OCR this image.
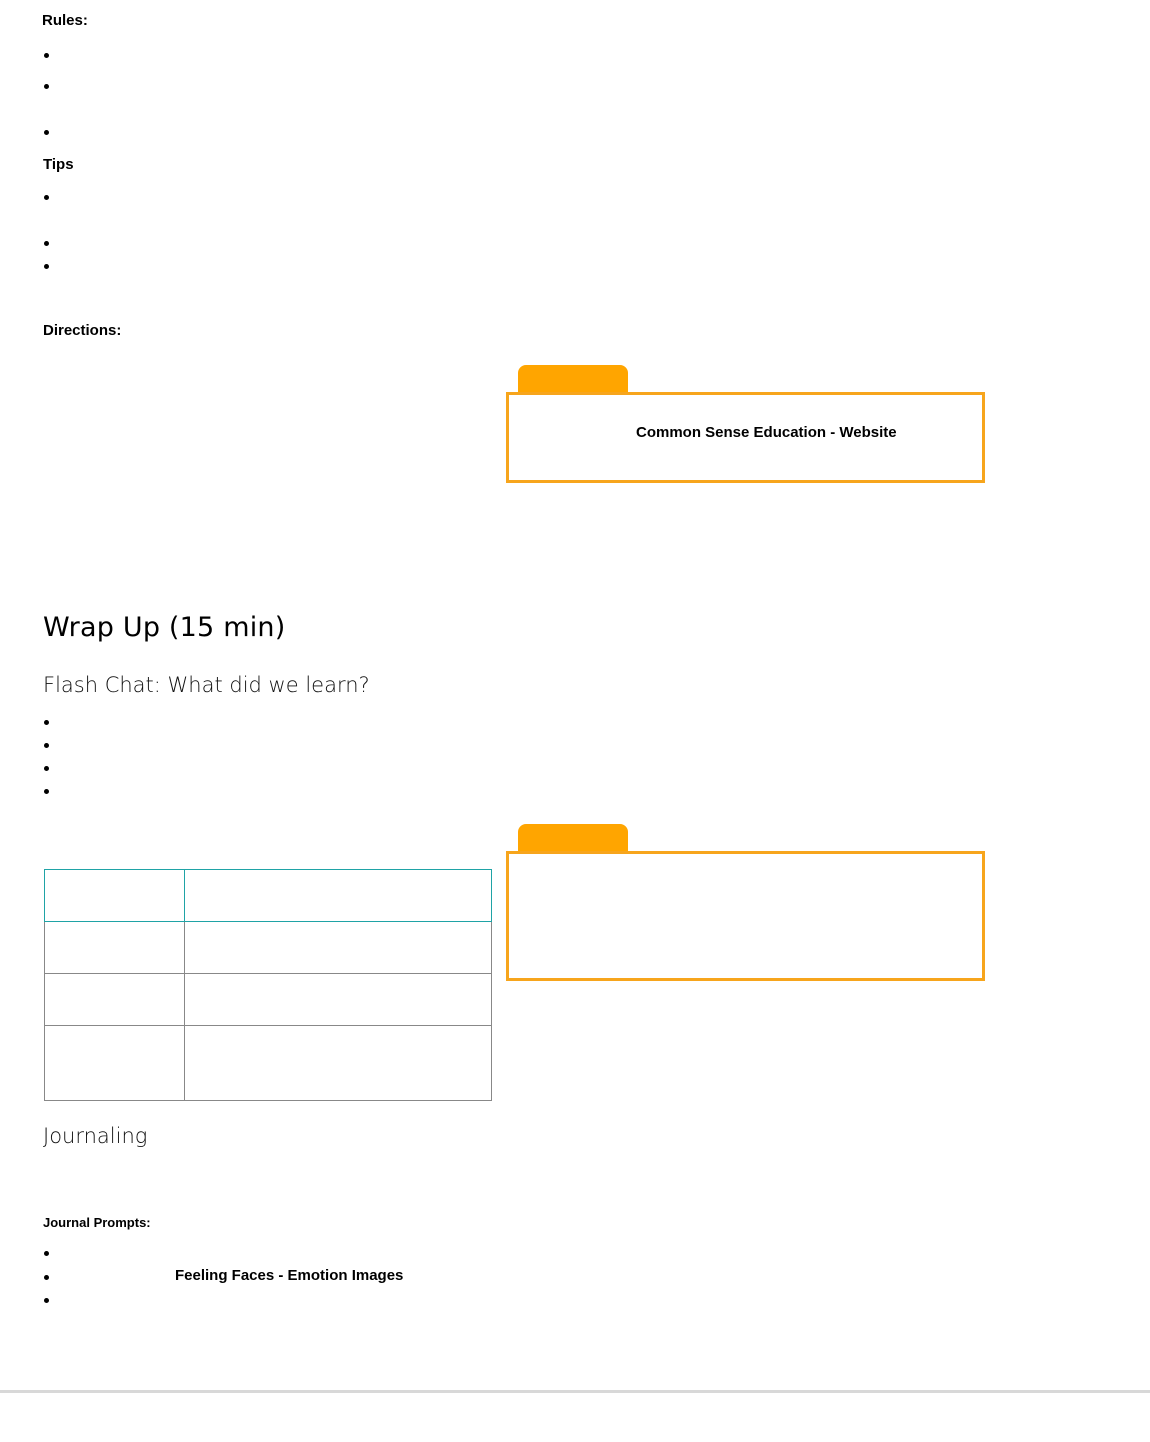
Rules:
Tips
Directions:
Common Sense Education - Website
Wrap Up (15 min)
Flash Chat: What did we learn?

Journaling
Journal Prompts:
Feeling Faces - Emotion Images
